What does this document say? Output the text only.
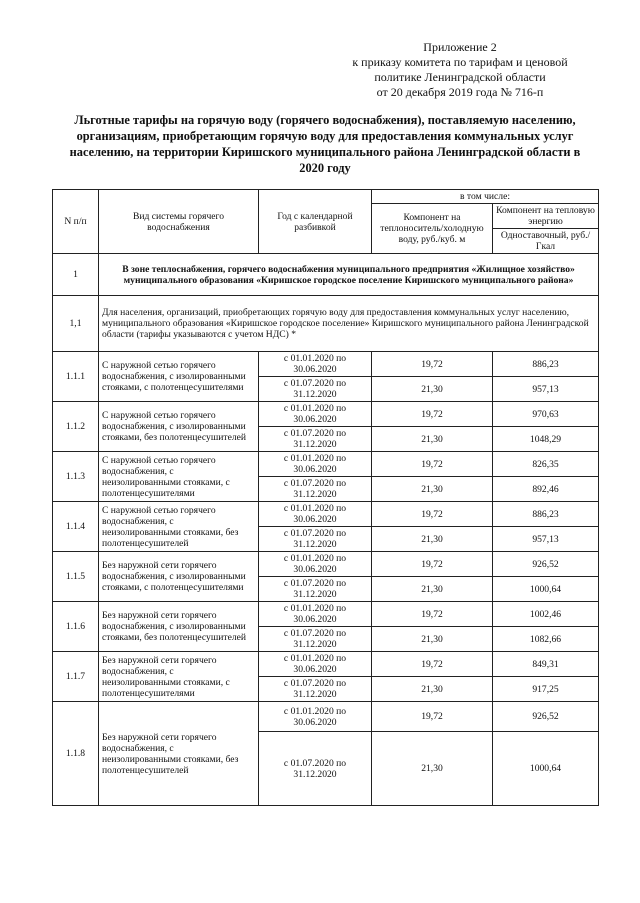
Приложение 2
к приказу комитета по тарифам и ценовой
политике Ленинградской области
от 20 декабря 2019 года № 716-п
Льготные тарифы на горячую воду (горячего водоснабжения), поставляемую населению,
организациям, приобретающим горячую воду для предоставления коммунальных услуг
населению, на территории Киришского муниципального района Ленинградской области в
2020 году
N п/п	Вид системы горячего водоснабжения	Год с календарной разбивкой	в том числе:	
			Компонент на теплоноситель/холодную воду, руб./куб. м	Компонент на тепловую энергию
				Одноставочный, руб./Гкал
1	В зоне теплоснабжения, горячего водоснабжения муниципального предприятия «Жилищное хозяйство» муниципального образования «Киришское городское поселение Киришского муниципального района»			
1,1	Для населения, организаций, приобретающих горячую воду для предоставления коммунальных услуг населению, муниципального образования «Киришское городское поселение» Киришского муниципального района Ленинградской области (тарифы указываются с учетом НДС) *			
1.1.1	С наружной сетью горячего водоснабжения, с изолированными стояками, с полотенцесушителями	с 01.01.2020 по 30.06.2020	19,72	886,23
		с 01.07.2020 по 31.12.2020	21,30	957,13
1.1.2	С наружной сетью горячего водоснабжения, с изолированными стояками, без полотенцесушителей	с 01.01.2020 по 30.06.2020	19,72	970,63
		с 01.07.2020 по 31.12.2020	21,30	1048,29
1.1.3	С наружной сетью горячего водоснабжения, с неизолированными стояками, с полотенцесушителями	с 01.01.2020 по 30.06.2020	19,72	826,35
		с 01.07.2020 по 31.12.2020	21,30	892,46
1.1.4	С наружной сетью горячего водоснабжения, с неизолированными стояками, без полотенцесушителей	с 01.01.2020 по 30.06.2020	19,72	886,23
		с 01.07.2020 по 31.12.2020	21,30	957,13
1.1.5	Без наружной сети горячего водоснабжения, с изолированными стояками, с полотенцесушителями	с 01.01.2020 по 30.06.2020	19,72	926,52
		с 01.07.2020 по 31.12.2020	21,30	1000,64
1.1.6	Без наружной сети горячего водоснабжения, с изолированными стояками, без полотенцесушителей	с 01.01.2020 по 30.06.2020	19,72	1002,46
		с 01.07.2020 по 31.12.2020	21,30	1082,66
1.1.7	Без наружной сети горячего водоснабжения, с неизолированными стояками, с полотенцесушителями	с 01.01.2020 по 30.06.2020	19,72	849,31
		с 01.07.2020 по 31.12.2020	21,30	917,25
1.1.8	Без наружной сети горячего водоснабжения, с неизолированными стояками, без полотенцесушителей	с 01.01.2020 по 30.06.2020	19,72	926,52
		с 01.07.2020 по 31.12.2020	21,30	1000,64
